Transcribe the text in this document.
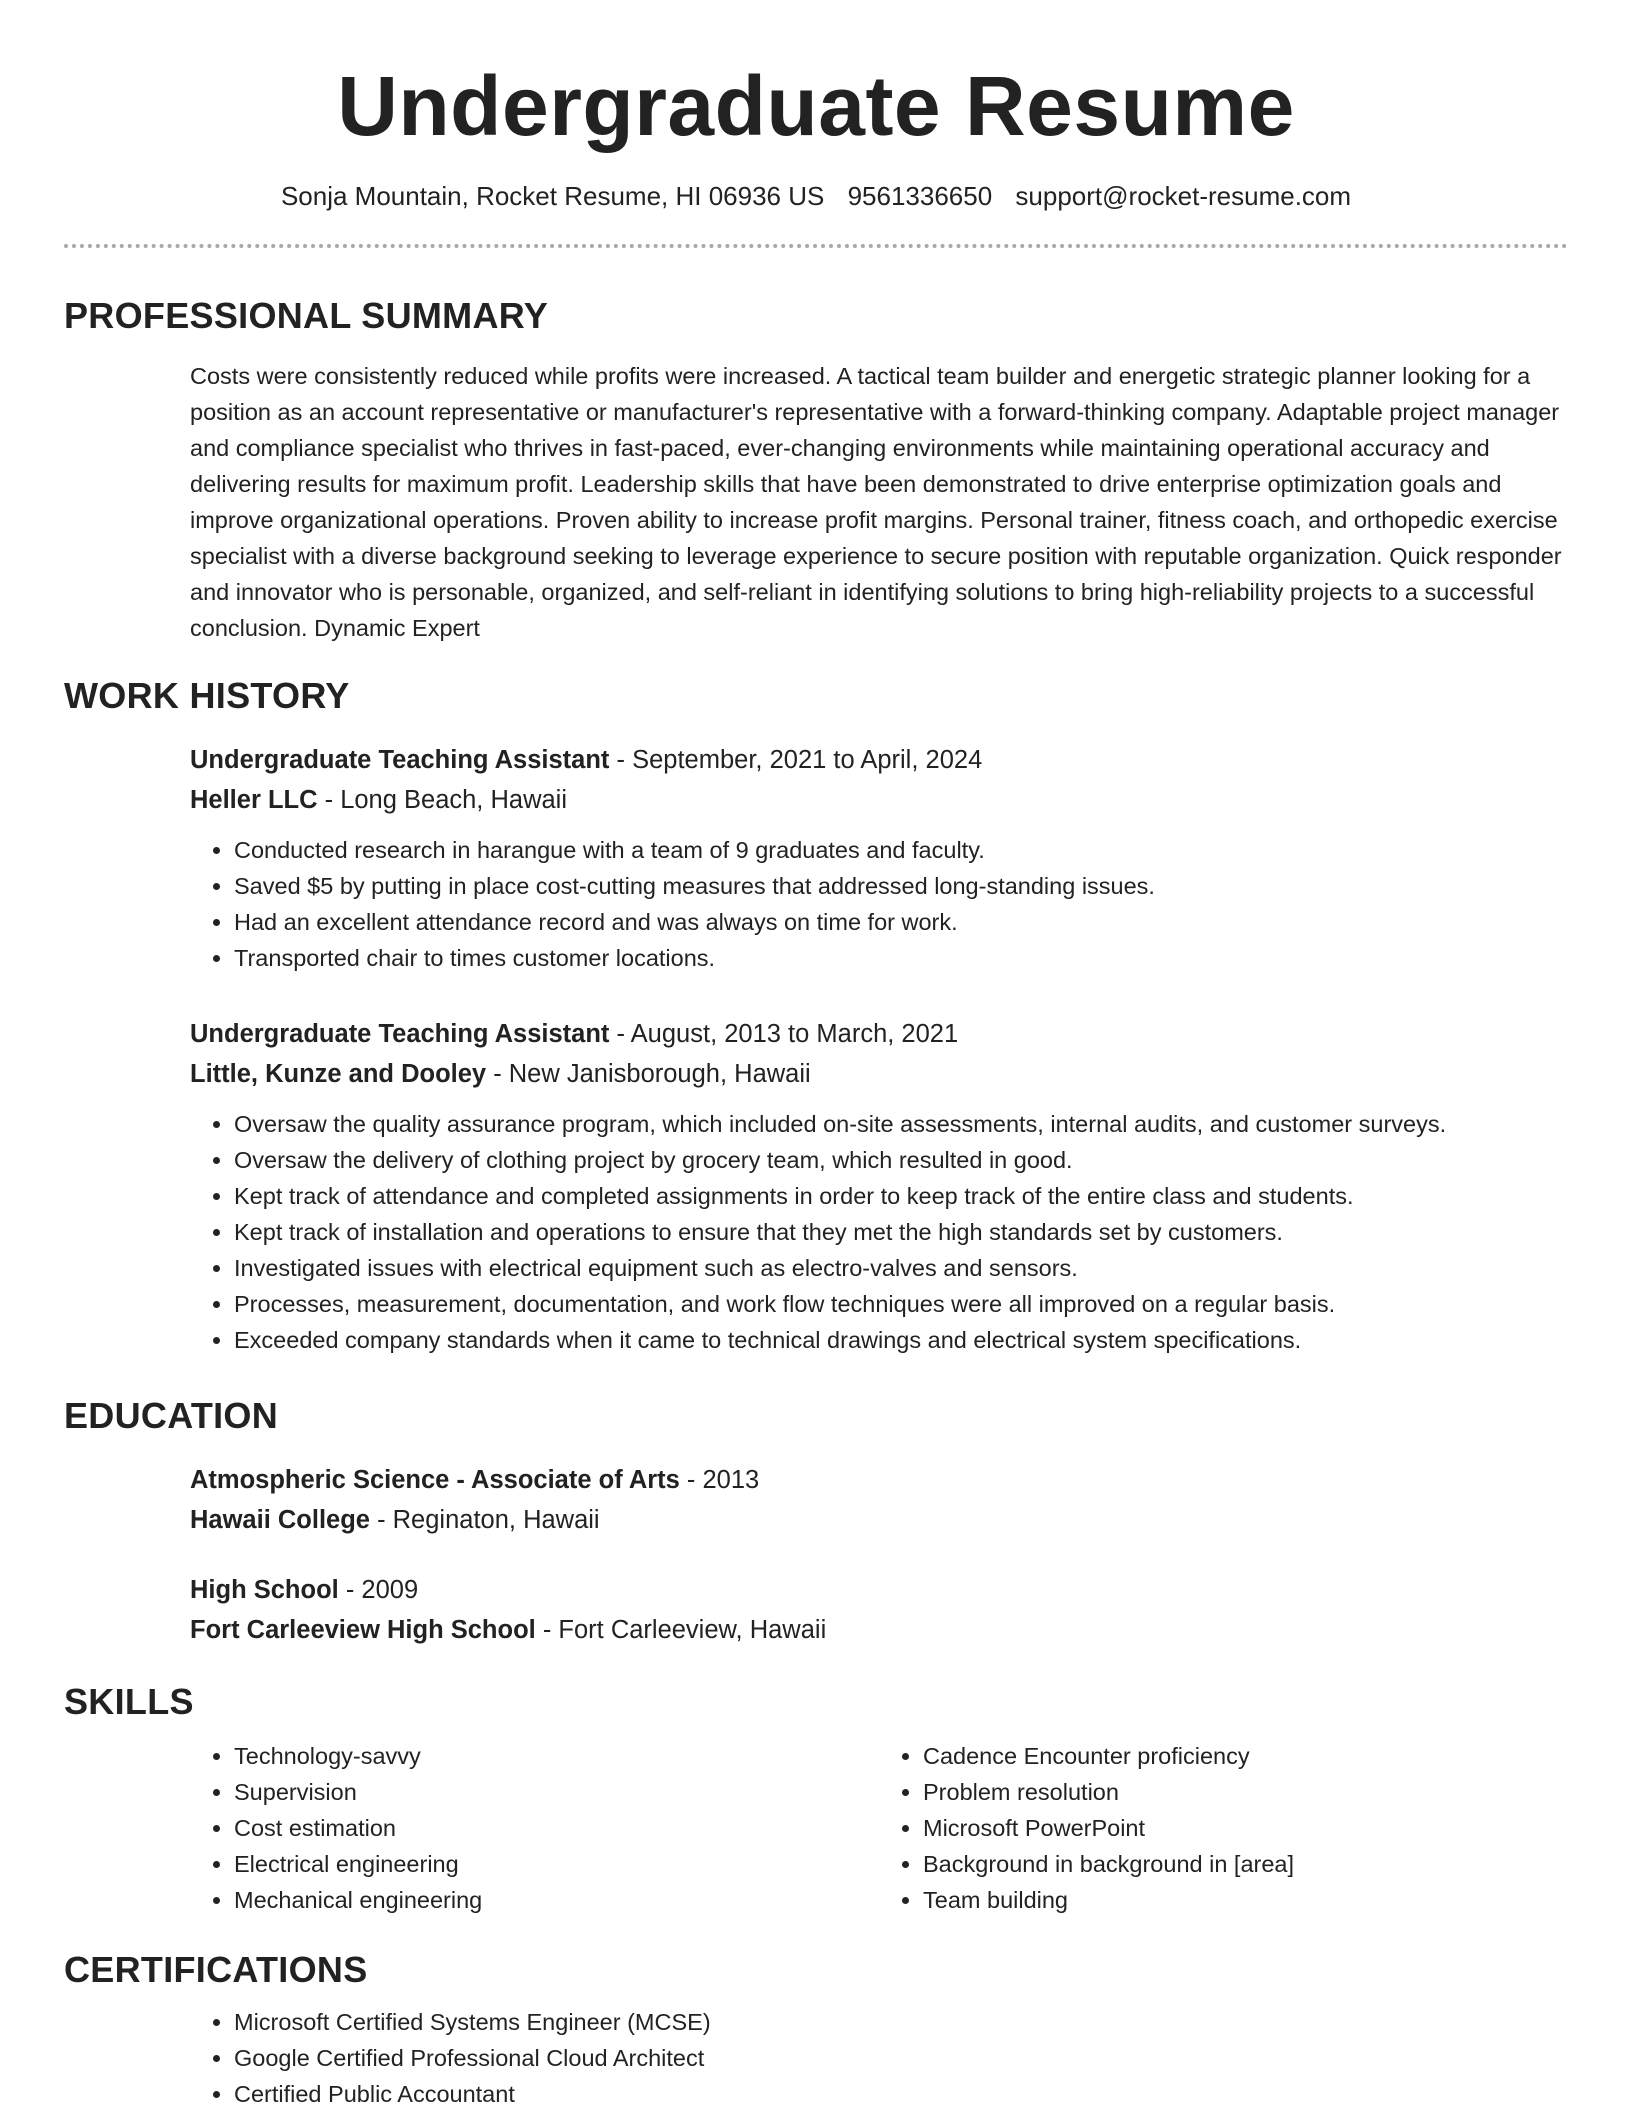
Undergraduate Resume
Sonja Mountain, Rocket Resume, HI 06936 US 9561336650 support@rocket-resume.com
PROFESSIONAL SUMMARY
Costs were consistently reduced while profits were increased. A tactical team builder and energetic strategic planner looking for a position as an account representative or manufacturer's representative with a forward-thinking company. Adaptable project manager and compliance specialist who thrives in fast-paced, ever-changing environments while maintaining operational accuracy and delivering results for maximum profit. Leadership skills that have been demonstrated to drive enterprise optimization goals and improve organizational operations. Proven ability to increase profit margins. Personal trainer, fitness coach, and orthopedic exercise specialist with a diverse background seeking to leverage experience to secure position with reputable organization. Quick responder and innovator who is personable, organized, and self-reliant in identifying solutions to bring high-reliability projects to a successful conclusion. Dynamic Expert
WORK HISTORY
Undergraduate Teaching Assistant - September, 2021 to April, 2024
Heller LLC - Long Beach, Hawaii
• Conducted research in harangue with a team of 9 graduates and faculty.
• Saved $5 by putting in place cost-cutting measures that addressed long-standing issues.
• Had an excellent attendance record and was always on time for work.
• Transported chair to times customer locations.
Undergraduate Teaching Assistant - August, 2013 to March, 2021
Little, Kunze and Dooley - New Janisborough, Hawaii
• Oversaw the quality assurance program, which included on-site assessments, internal audits, and customer surveys.
• Oversaw the delivery of clothing project by grocery team, which resulted in good.
• Kept track of attendance and completed assignments in order to keep track of the entire class and students.
• Kept track of installation and operations to ensure that they met the high standards set by customers.
• Investigated issues with electrical equipment such as electro-valves and sensors.
• Processes, measurement, documentation, and work flow techniques were all improved on a regular basis.
• Exceeded company standards when it came to technical drawings and electrical system specifications.
EDUCATION
Atmospheric Science - Associate of Arts - 2013
Hawaii College - Reginaton, Hawaii
High School - 2009
Fort Carleeview High School - Fort Carleeview, Hawaii
SKILLS
• Technology-savvy
• Supervision
• Cost estimation
• Electrical engineering
• Mechanical engineering
• Cadence Encounter proficiency
• Problem resolution
• Microsoft PowerPoint
• Background in background in [area]
• Team building
CERTIFICATIONS
• Microsoft Certified Systems Engineer (MCSE)
• Google Certified Professional Cloud Architect
• Certified Public Accountant
